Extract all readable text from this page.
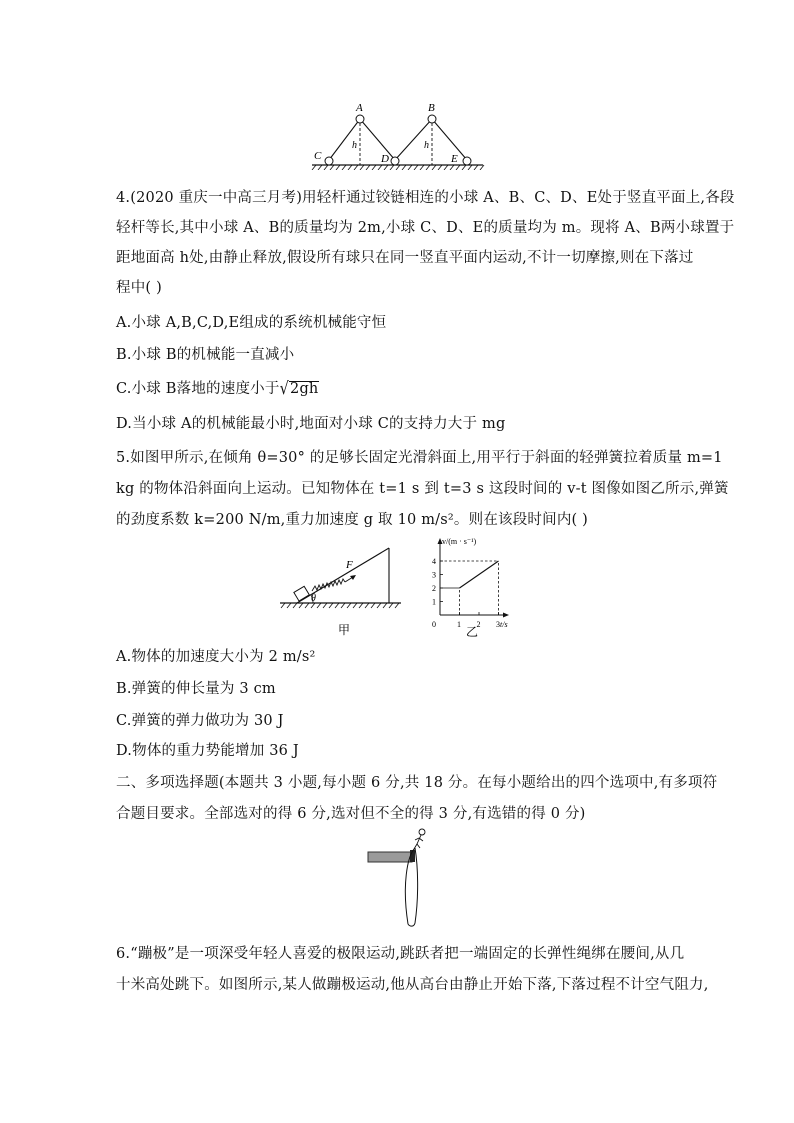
A	B
C	D	E
h	h
4.(2020 重庆一中高三月考)用轻杆通过铰链相连的小球 A、B、C、D、E处于竖直平面上,各段
轻杆等长,其中小球 A、B的质量均为 2m,小球 C、D、E的质量均为 m。现将 A、B两小球置于
距地面高 h处,由静止释放,假设所有球只在同一竖直平面内运动,不计一切摩擦,则在下落过
程中( )
A.小球 A,B,C,D,E组成的系统机械能守恒
B.小球 B的机械能一直减小
C.小球 B落地的速度小于√2gh
D.当小球 A的机械能最小时,地面对小球 C的支持力大于 mg
5.如图甲所示,在倾角 θ=30° 的足够长固定光滑斜面上,用平行于斜面的轻弹簧拉着质量 m=1
kg 的物体沿斜面向上运动。已知物体在 t=1 s 到 t=3 s 这段时间的 v-t 图像如图乙所示,弹簧
的劲度系数 k=200 N/m,重力加速度 g 取 10 m/s²。则在该段时间内( )
F
θ
甲
v/(m · s⁻¹)
t/s
0
1
2
3
4
1 2 3
乙
A.物体的加速度大小为 2 m/s²
B.弹簧的伸长量为 3 cm
C.弹簧的弹力做功为 30 J
D.物体的重力势能增加 36 J
二、多项选择题(本题共 3 小题,每小题 6 分,共 18 分。在每小题给出的四个选项中,有多项符
合题目要求。全部选对的得 6 分,选对但不全的得 3 分,有选错的得 0 分)
6.“蹦极”是一项深受年轻人喜爱的极限运动,跳跃者把一端固定的长弹性绳绑在腰间,从几
十米高处跳下。如图所示,某人做蹦极运动,他从高台由静止开始下落,下落过程不计空气阻力,
